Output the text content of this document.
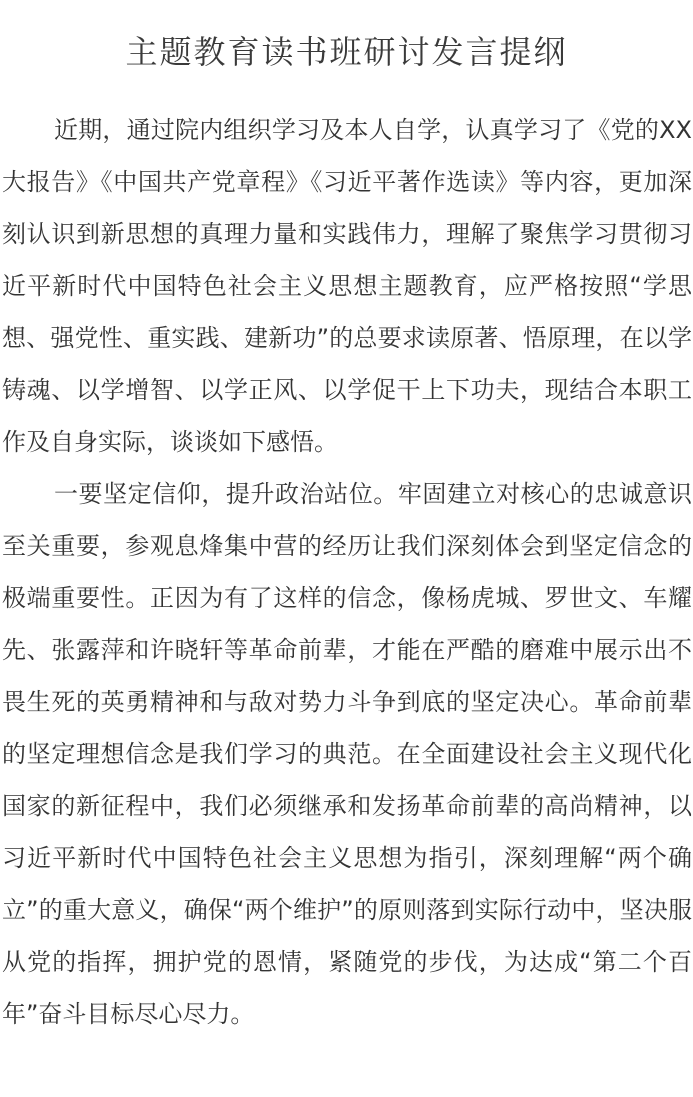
主题教育读书班研讨发言提纲

近期，通过院内组织学习及本人自学，认真学习了《党的XX大报告》《中国共产党章程》《习近平著作选读》等内容，更加深刻认识到新思想的真理力量和实践伟力，理解了聚焦学习贯彻习近平新时代中国特色社会主义思想主题教育，应严格按照“学思想、强党性、重实践、建新功”的总要求读原著、悟原理，在以学铸魂、以学增智、以学正风、以学促干上下功夫，现结合本职工作及自身实际，谈谈如下感悟。

一要坚定信仰，提升政治站位。牢固建立对核心的忠诚意识至关重要，参观息烽集中营的经历让我们深刻体会到坚定信念的极端重要性。正因为有了这样的信念，像杨虎城、罗世文、车耀先、张露萍和许晓轩等革命前辈，才能在严酷的磨难中展示出不畏生死的英勇精神和与敌对势力斗争到底的坚定决心。革命前辈的坚定理想信念是我们学习的典范。在全面建设社会主义现代化国家的新征程中，我们必须继承和发扬革命前辈的高尚精神，以习近平新时代中国特色社会主义思想为指引，深刻理解“两个确立”的重大意义，确保“两个维护”的原则落到实际行动中，坚决服从党的指挥，拥护党的恩情，紧随党的步伐，为达成“第二个百年”奋斗目标尽心尽力。
